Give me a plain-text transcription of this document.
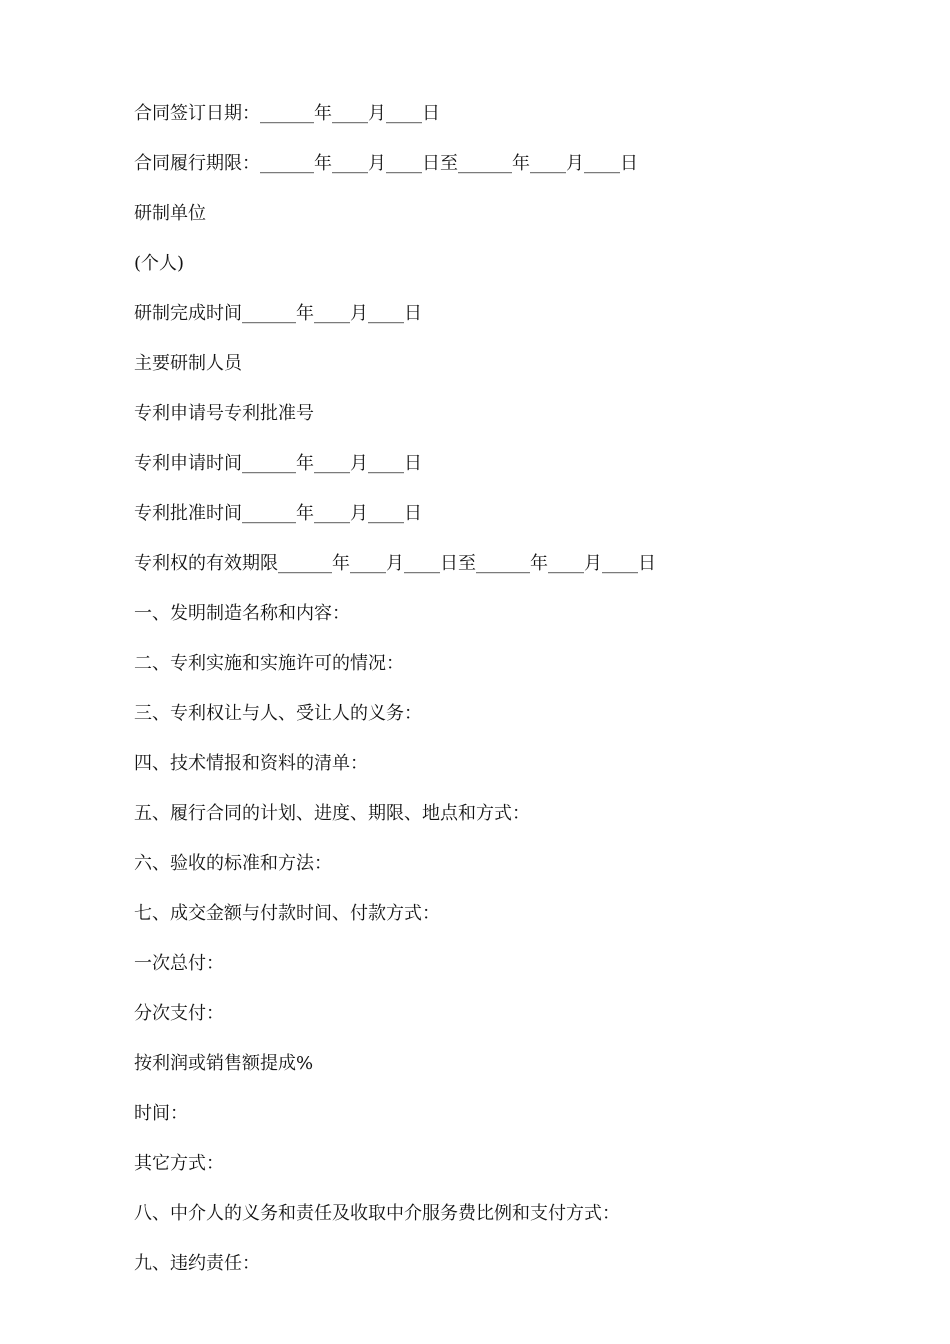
合同签订日期：______年____月____日
合同履行期限：______年____月____日至______年____月____日
研制单位
(个人)
研制完成时间______年____月____日
主要研制人员
专利申请号专利批准号
专利申请时间______年____月____日
专利批准时间______年____月____日
专利权的有效期限______年____月____日至______年____月____日
一、发明制造名称和内容：
二、专利实施和实施许可的情况：
三、专利权让与人、受让人的义务：
四、技术情报和资料的清单：
五、履行合同的计划、进度、期限、地点和方式：
六、验收的标准和方法：
七、成交金额与付款时间、付款方式：
一次总付：
分次支付：
按利润或销售额提成%
时间：
其它方式：
八、中介人的义务和责任及收取中介服务费比例和支付方式：
九、违约责任：
